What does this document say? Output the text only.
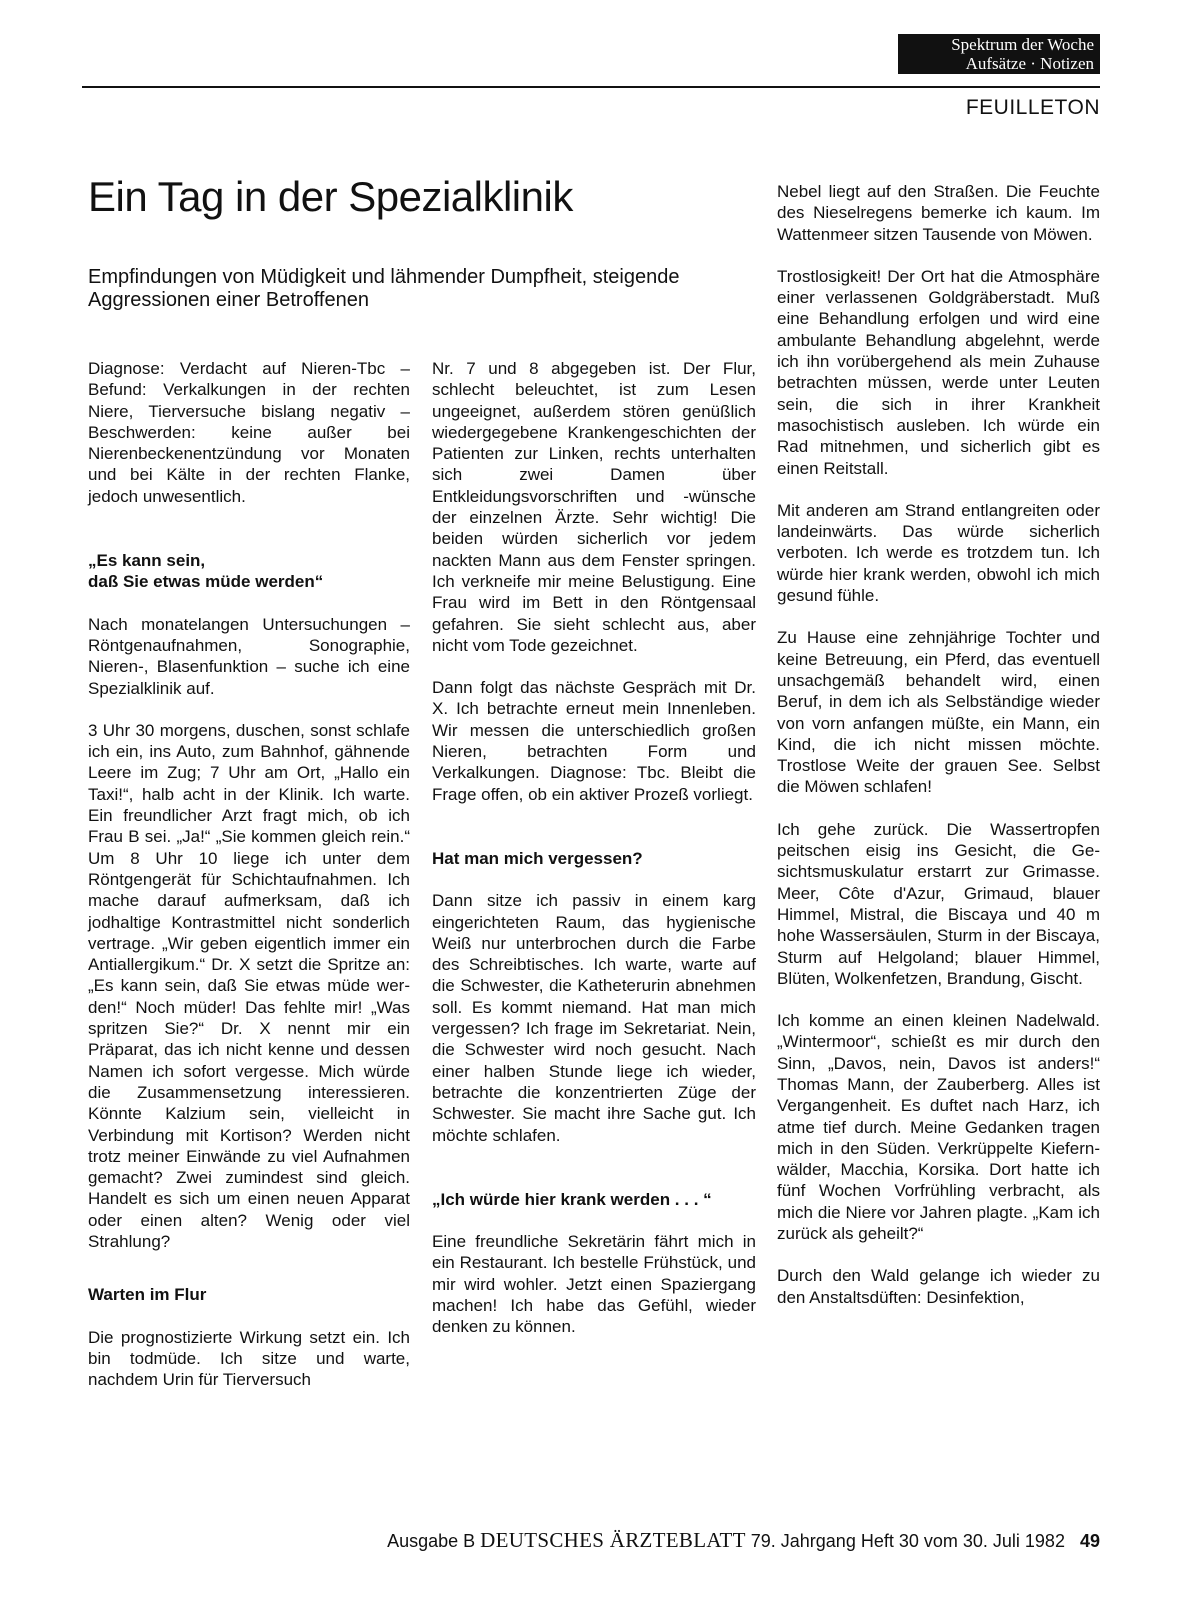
Spektrum der Woche
Aufsätze · Notizen
FEUILLETON
Ein Tag in der Spezialklinik
Empfindungen von Müdigkeit und lähmender Dumpfheit, steigende Aggressionen einer Betroffenen

Diagnose: Verdacht auf Nieren-Tbc – Befund: Verkalkungen in der rechten Niere, Tierversuche bislang negativ – Beschwerden: keine außer bei Nierenbeckenentzündung vor Monaten und bei Kälte in der rechten Flanke, jedoch unwesentlich.

„Es kann sein,
daß Sie etwas müde werden“

Nach monatelangen Untersuchungen – Röntgenaufnahmen, Sonographie, Nieren-, Blasenfunktion – suche ich eine Spezialklinik auf.

3 Uhr 30 morgens, duschen, sonst schlafe ich ein, ins Auto, zum Bahnhof, gähnende Leere im Zug; 7 Uhr am Ort, „Hallo ein Taxi!“, halb acht in der Klinik. Ich warte. Ein freundlicher Arzt fragt mich, ob ich Frau B sei. „Ja!“ „Sie kommen gleich rein.“ Um 8 Uhr 10 liege ich unter dem Röntgengerät für Schichtaufnahmen. Ich mache darauf aufmerksam, daß ich jodhaltige Kontrastmittel nicht sonderlich vertrage. „Wir geben eigentlich immer ein Antiallergikum.“ Dr. X setzt die Spritze an: „Es kann sein, daß Sie etwas müde werden!“ Noch müder! Das fehlte mir! „Was spritzen Sie?“ Dr. X nennt mir ein Präparat, das ich nicht kenne und dessen Namen ich sofort vergesse. Mich würde die Zusammensetzung interessieren. Könnte Kalzium sein, vielleicht in Verbindung mit Kortison? Werden nicht trotz meiner Einwände zu viel Aufnahmen gemacht? Zwei zumindest sind gleich. Handelt es sich um einen neuen Apparat oder einen alten? Wenig oder viel Strahlung?

Warten im Flur

Die prognostizierte Wirkung setzt ein. Ich bin todmüde. Ich sitze und warte, nachdem Urin für Tierversuch

Nr. 7 und 8 abgegeben ist. Der Flur, schlecht beleuchtet, ist zum Lesen ungeeignet, außerdem stören genüßlich wiedergegebene Krankengeschichten der Patienten zur Linken, rechts unterhalten sich zwei Damen über Entkleidungsvorschriften und -wünsche der einzelnen Ärzte. Sehr wichtig! Die beiden würden sicherlich vor jedem nackten Mann aus dem Fenster springen. Ich verkneife mir meine Belustigung. Eine Frau wird im Bett in den Röntgensaal gefahren. Sie sieht schlecht aus, aber nicht vom Tode gezeichnet.

Dann folgt das nächste Gespräch mit Dr. X. Ich betrachte erneut mein Innenleben. Wir messen die unterschiedlich großen Nieren, betrachten Form und Verkalkungen. Diagnose: Tbc. Bleibt die Frage offen, ob ein aktiver Prozeß vorliegt.

Hat man mich vergessen?

Dann sitze ich passiv in einem karg eingerichteten Raum, das hygienische Weiß nur unterbrochen durch die Farbe des Schreibtisches. Ich warte, warte auf die Schwester, die Katheterurin abnehmen soll. Es kommt niemand. Hat man mich vergessen? Ich frage im Sekretariat. Nein, die Schwester wird noch gesucht. Nach einer halben Stunde liege ich wieder, betrachte die konzentrierten Züge der Schwester. Sie macht ihre Sache gut. Ich möchte schlafen.

„Ich würde hier krank werden . . . “

Eine freundliche Sekretärin fährt mich in ein Restaurant. Ich bestelle Frühstück, und mir wird wohler. Jetzt einen Spaziergang machen! Ich habe das Gefühl, wieder denken zu können.

Nebel liegt auf den Straßen. Die Feuchte des Nieselregens bemerke ich kaum. Im Wattenmeer sitzen Tausende von Möwen.

Trostlosigkeit! Der Ort hat die Atmosphäre einer verlassenen Goldgräberstadt. Muß eine Behandlung erfolgen und wird eine ambulante Behandlung abgelehnt, werde ich ihn vorübergehend als mein Zuhause betrachten müssen, werde unter Leuten sein, die sich in ihrer Krankheit masochistisch ausleben. Ich würde ein Rad mitnehmen, und sicherlich gibt es einen Reitstall.

Mit anderen am Strand entlangreiten oder landeinwärts. Das würde sicherlich verboten. Ich werde es trotzdem tun. Ich würde hier krank werden, obwohl ich mich gesund fühle.

Zu Hause eine zehnjährige Tochter und keine Betreuung, ein Pferd, das eventuell unsachgemäß behandelt wird, einen Beruf, in dem ich als Selbständige wieder von vorn anfangen müßte, ein Mann, ein Kind, die ich nicht missen möchte. Trostlose Weite der grauen See. Selbst die Möwen schlafen!

Ich gehe zurück. Die Wassertropfen peitschen eisig ins Gesicht, die Gesichtsmuskulatur erstarrt zur Grimasse. Meer, Côte d'Azur, Grimaud, blauer Himmel, Mistral, die Biscaya und 40 m hohe Wassersäulen, Sturm in der Biscaya, Sturm auf Helgoland; blauer Himmel, Blüten, Wolkenfetzen, Brandung, Gischt.

Ich komme an einen kleinen Nadelwald. „Wintermoor“, schießt es mir durch den Sinn, „Davos, nein, Davos ist anders!“ Thomas Mann, der Zauberberg. Alles ist Vergangenheit. Es duftet nach Harz, ich atme tief durch. Meine Gedanken tragen mich in den Süden. Verkrüppelte Kiefernwälder, Macchia, Korsika. Dort hatte ich fünf Wochen Vorfrühling verbracht, als mich die Niere vor Jahren plagte. „Kam ich zurück als geheilt?“

Durch den Wald gelange ich wieder zu den Anstaltsdüften: Desinfektion,

Ausgabe B DEUTSCHES ÄRZTEBLATT 79. Jahrgang Heft 30 vom 30. Juli 1982 49
